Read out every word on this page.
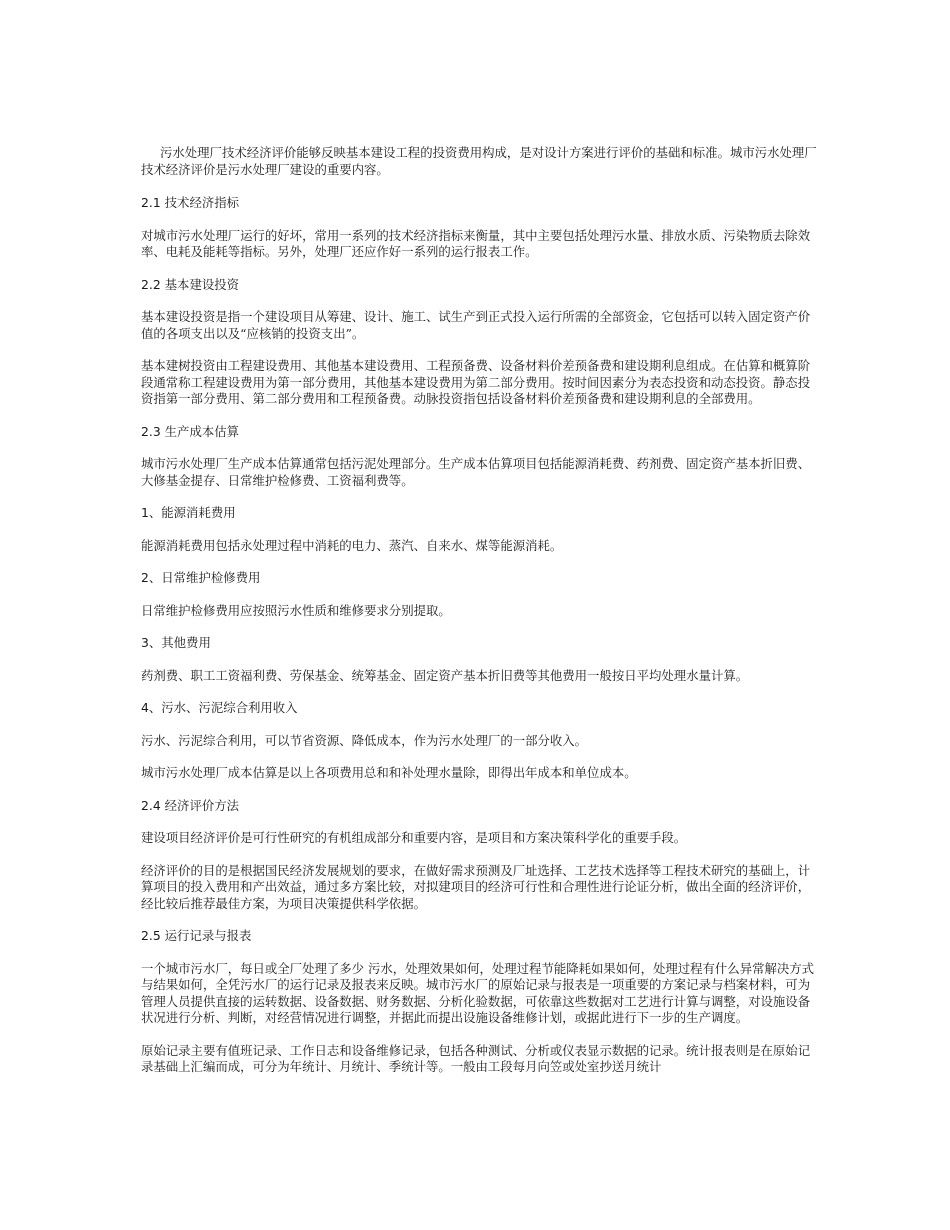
污水处理厂技术经济评价能够反映基本建设工程的投资费用构成，是对设计方案进行评价的基础和标准。城市污水处理厂技术经济评价是污水处理厂建设的重要内容。

2.1 技术经济指标

对城市污水处理厂运行的好坏，常用一系列的技术经济指标来衡量，其中主要包括处理污水量、排放水质、污染物质去除效率、电耗及能耗等指标。另外，处理厂还应作好一系列的运行报表工作。

2.2 基本建设投资

基本建设投资是指一个建设项目从筹建、设计、施工、试生产到正式投入运行所需的全部资金，它包括可以转入固定资产价值的各项支出以及“应核销的投资支出”。

基本建树投资由工程建设费用、其他基本建设费用、工程预备费、设备材料价差预备费和建设期利息组成。在估算和概算阶段通常称工程建设费用为第一部分费用，其他基本建设费用为第二部分费用。按时间因素分为表态投资和动态投资。静态投资指第一部分费用、第二部分费用和工程预备费。动脉投资指包括设备材料价差预备费和建设期利息的全部费用。

2.3 生产成本估算

城市污水处理厂生产成本估算通常包括污泥处理部分。生产成本估算项目包括能源消耗费、药剂费、固定资产基本折旧费、大修基金提存、日常维护检修费、工资福利费等。

1、能源消耗费用

能源消耗费用包括永处理过程中消耗的电力、蒸汽、自来水、煤等能源消耗。

2、日常维护检修费用

日常维护检修费用应按照污水性质和维修要求分别提取。

3、其他费用

药剂费、职工工资福利费、劳保基金、统筹基金、固定资产基本折旧费等其他费用一般按日平均处理水量计算。

4、污水、污泥综合利用收入

污水、污泥综合利用，可以节省资源、降低成本，作为污水处理厂的一部分收入。

城市污水处理厂成本估算是以上各项费用总和和补处理水量除，即得出年成本和单位成本。

2.4 经济评价方法

建设项目经济评价是可行性研究的有机组成部分和重要内容，是项目和方案决策科学化的重要手段。

经济评价的目的是根据国民经济发展规划的要求，在做好需求预测及厂址选择、工艺技术选择等工程技术研究的基础上，计算项目的投入费用和产出效益，通过多方案比较，对拟建项目的经济可行性和合理性进行论证分析，做出全面的经济评价，经比较后推荐最佳方案，为项目决策提供科学依据。

2.5 运行记录与报表

一个城市污水厂，每日或全厂处理了多少 污水，处理效果如何，处理过程节能降耗如果如何，处理过程有什么异常解决方式与结果如何，全凭污水厂的运行记录及报表来反映。城市污水厂的原始记录与报表是一项重要的方案记录与档案材料，可为管理人员提供直接的运转数据、设备数据、财务数据、分析化验数据，可依靠这些数据对工艺进行计算与调整，对设施设备状况进行分析、判断，对经营情况进行调整，并据此而提出设施设备维修计划，或据此进行下一步的生产调度。

原始记录主要有值班记录、工作日志和设备维修记录，包括各种测试、分析或仪表显示数据的记录。统计报表则是在原始记录基础上汇编而成，可分为年统计、月统计、季统计等。一般由工段每月向笠或处室抄送月统计
